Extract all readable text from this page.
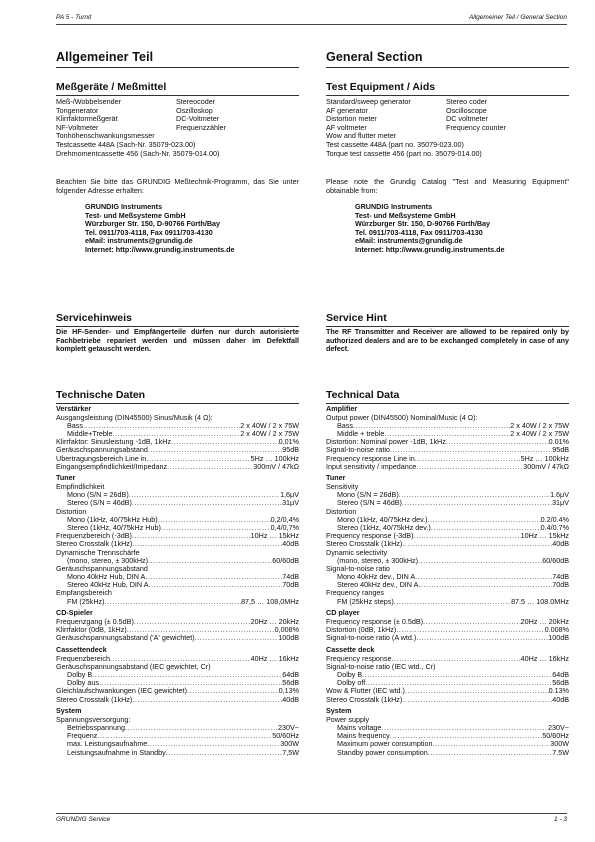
PA 5 - Turnit	Allgemeiner Teil / General Section
Allgemeiner Teil
Meßgeräte / Meßmittel
Meß-/Wobbelsender	Stereocoder
Tongenerator	Oszilloskop
Klirrfaktormeßgerät	DC-Voltmeter
NF-Voltmeter	Frequenzzähler
Tonhöhenschwankungsmesser
Testcassette 448A (Sach-Nr. 35079-023.00)
Drehmomentcassette 456 (Sach-Nr. 35079-014.00)
Beachten Sie bitte das GRUNDIG Meßtechnik-Programm, das Sie unter folgender Adresse erhalten:
GRUNDIG Instruments
Test- und Meßsysteme GmbH
Würzburger Str. 150, D-90766 Fürth/Bay
Tel. 0911/703-4118, Fax 0911/703-4130
eMail: instruments@grundig.de
Internet: http://www.grundig.instruments.de
Servicehinweis
Die HF-Sender- und Empfängerteile dürfen nur durch autorisierte Fachbetriebe repariert werden und müssen daher im Defektfall komplett getauscht werden.
Technische Daten
Verstärker
Ausgangsleistung (DIN45500) Sinus/Musik (4 Ω):
Bass .....	2 x 40W / 2 x 75W
Middle+Treble .....	2 x 40W / 2 x 75W
Klirrfaktor: Sinusleistung -1dB, 1kHz .....	0,01%
Geräuschspannungsabstand .....	95dB
Übertragungsbereich Line in .....	5Hz … 100kHz
Eingangsempfindlichkeit/Impedanz .....	300mV / 47kΩ
Tuner
Empfindlichkeit
Mono (S/N = 26dB) .....	1,6μV
Stereo (S/N = 46dB) .....	31μV
Distortion
Mono (1kHz, 40/75kHz Hub) .....	0,2/0,4%
Stereo (1kHz, 40/75kHz Hub) .....	0,4/0,7%
Frequenzbereich (-3dB) .....	10Hz … 15kHz
Stereo Crosstalk (1kHz) .....	40dB
Dynamische Trennschärfe
(mono, stereo, ± 300kHz) .....	60/60dB
Geräuschspannungsabstand
Mono 40kHz Hub, DIN A .....	74dB
Stereo 40kHz Hub, DIN A .....	70dB
Empfangsbereich
FM (25kHz) .....	87,5 … 108,0MHz
CD-Spieler
Frequenzgang (± 0.5dB) .....	20Hz … 20kHz
Klirrfaktor (0dB, 1kHz) .....	0,008%
Geräuschspannungsabstand ('A' gewichtet) .....	100dB
Cassettendeck
Frequenzbereich .....	40Hz … 16kHz
Geräuschspannungsabstand (IEC gewichtet, Cr)
Dolby B .....	64dB
Dolby aus .....	56dB
Gleichlaufschwankungen (IEC gewichtet) .....	0,13%
Stereo Crosstalk (1kHz) .....	40dB
System
Spannungsversorgung:
Betriebsspannung .....	230V~
Frequenz .....	50/60Hz
max. Leistungsaufnahme .....	300W
Leistungsaufnahme in Standby .....	7,5W
General Section
Test Equipment / Aids
Standard/sweep generator	Stereo coder
AF generator	Oscilloscope
Distortion meter	DC voltmeter
AF voltmeter	Frequency counter
Wow and flutter meter
Test cassette 448A (part no. 35079-023.00)
Torque test cassette 456 (part no. 35079-014.00)
Please note the Grundig Catalog "Test and Measuring Equipment" obtainable from:
GRUNDIG Instruments
Test- und Meßsysteme GmbH
Würzburger Str. 150, D-90766 Fürth/Bay
Tel. 0911/703-4118, Fax 0911/703-4130
eMail: instruments@grundig.de
Internet: http://www.grundig.instruments.de
Service Hint
The RF Transmitter and Receiver are allowed to be repaired only by authorized dealers and are to be exchanged completely in case of any defect.
Technical Data
Amplifier
Output power (DIN45500) Nominal/Music (4 Ω):
Bass .....	2 x 40W / 2 x 75W
Middle + treble .....	2 x 40W / 2 x 75W
Distortion: Nominal power -1dB, 1kHz .....	0.01%
Signal-to-noise ratio .....	95dB
Frequency response Line in .....	5Hz … 100kHz
Input sensitivity / impedance .....	300mV / 47kΩ
Tuner
Sensitivity
Mono (S/N = 26dB) .....	1.6μV
Stereo (S/N = 46dB) .....	31μV
Distortion
Mono (1kHz, 40/75kHz dev.) .....	0.2/0.4%
Stereo (1kHz, 40/75kHz dev.) .....	0.4/0.7%
Frequency response (-3dB) .....	10Hz … 15kHz
Stereo Crosstalk (1kHz) .....	40dB
Dynamic selectivity
(mono, stereo, ± 300kHz) .....	60/60dB
Signal-to-noise ratio
Mono 40kHz dev., DIN A .....	74dB
Stereo 40kHz dev., DIN A .....	70dB
Frequency ranges
FM (25kHz steps) .....	87.5 … 108.0MHz
CD player
Frequency response (± 0.5dB) .....	20Hz … 20kHz
Distortion (0dB, 1kHz) .....	0.008%
Signal-to-noise ratio (A wtd.) .....	100dB
Cassette deck
Frequency response .....	40Hz … 16kHz
Signal-to-noise ratio (IEC wtd., Cr)
Dolby B .....	64dB
Dolby off .....	56dB
Wow & Flutter (IEC wtd.) .....	0.13%
Stereo Crosstalk (1kHz) .....	40dB
System
Power supply
Mains voltage .....	230V~
Mains frequency .....	50/60Hz
Maximum power consumption .....	300W
Standby power consumption .....	7.5W
GRUNDIG Service	1 - 3
